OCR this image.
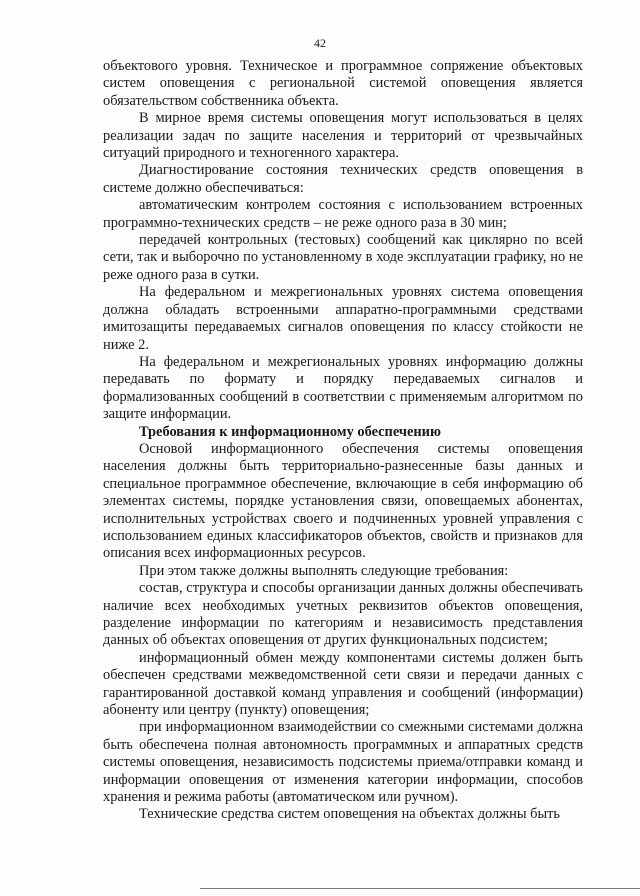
42

объектового уровня. Техническое и программное сопряжение объектовых систем оповещения с региональной системой оповещения является обязательством собственника объекта.

В мирное время системы оповещения могут использоваться в целях реализации задач по защите населения и территорий от чрезвычайных ситуаций природного и техногенного характера.

Диагностирование состояния технических средств оповещения в системе должно обеспечиваться:

автоматическим контролем состояния с использованием встроенных программно-технических средств – не реже одного раза в 30 мин;

передачей контрольных (тестовых) сообщений как циклярно по всей сети, так и выборочно по установленному в ходе эксплуатации графику, но не реже одного раза в сутки.

На федеральном и межрегиональных уровнях система оповещения должна обладать встроенными аппаратно-программными средствами имитозащиты передаваемых сигналов оповещения по классу стойкости не ниже 2.

На федеральном и межрегиональных уровнях информацию должны передавать по формату и порядку передаваемых сигналов и формализованных сообщений в соответствии с применяемым алгоритмом по защите информации.

Требования к информационному обеспечению

Основой информационного обеспечения системы оповещения населения должны быть территориально-разнесенные базы данных и специальное программное обеспечение, включающие в себя информацию об элементах системы, порядке установления связи, оповещаемых абонентах, исполнительных устройствах своего и подчиненных уровней управления с использованием единых классификаторов объектов, свойств и признаков для описания всех информационных ресурсов.

При этом также должны выполнять следующие требования:

состав, структура и способы организации данных должны обеспечивать наличие всех необходимых учетных реквизитов объектов оповещения, разделение информации по категориям и независимость представления данных об объектах оповещения от других функциональных подсистем;

информационный обмен между компонентами системы должен быть обеспечен средствами межведомственной сети связи и передачи данных с гарантированной доставкой команд управления и сообщений (информации) абоненту или центру (пункту) оповещения;

при информационном взаимодействии со смежными системами должна быть обеспечена полная автономность программных и аппаратных средств системы оповещения, независимость подсистемы приема/отправки команд и информации оповещения от изменения категории информации, способов хранения и режима работы (автоматическом или ручном).

Технические средства систем оповещения на объектах должны быть
